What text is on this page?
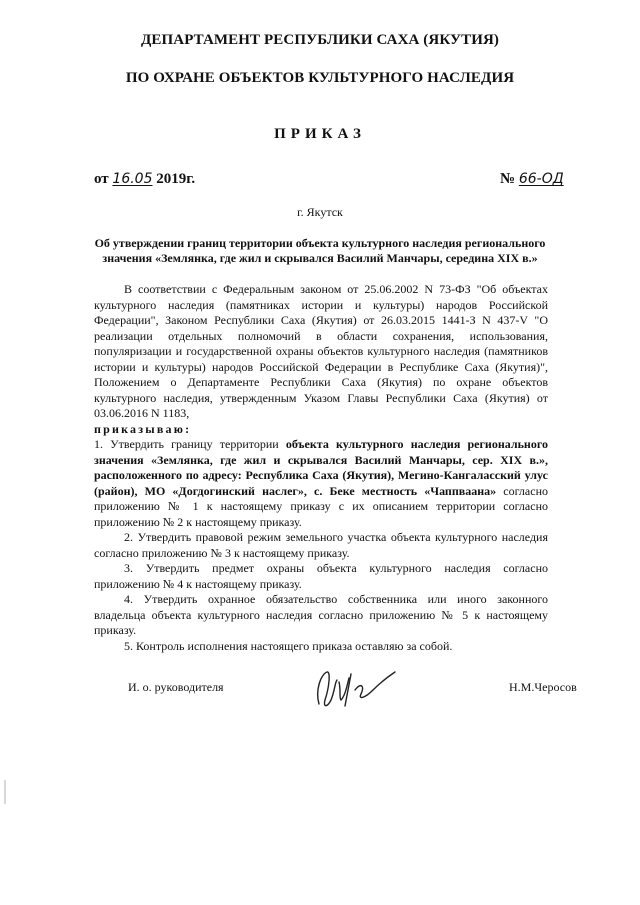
ДЕПАРТАМЕНТ РЕСПУБЛИКИ САХА (ЯКУТИЯ)
ПО ОХРАНЕ ОБЪЕКТОВ КУЛЬТУРНОГО НАСЛЕДИЯ
ПРИКАЗ
от 16.05 2019г.	№ 66-ОД
г. Якутск
Об утверждении границ территории объекта культурного наследия регионального значения «Землянка, где жил и скрывался Василий Манчары, середина XIX в.»

В соответствии с Федеральным законом от 25.06.2002 N 73-ФЗ "Об объектах культурного наследия (памятниках истории и культуры) народов Российской Федерации", Законом Республики Саха (Якутия) от 26.03.2015 1441-З N 437-V "О реализации отдельных полномочий в области сохранения, использования, популяризации и государственной охраны объектов культурного наследия (памятников истории и культуры) народов Российской Федерации в Республике Саха (Якутия)", Положением о Департаменте Республики Саха (Якутия) по охране объектов культурного наследия, утвержденным Указом Главы Республики Саха (Якутия) от 03.06.2016 N 1183,

приказываю:

1. Утвердить границу территории объекта культурного наследия регионального значения «Землянка, где жил и скрывался Василий Манчары, сер. XIX в.», расположенного по адресу: Республика Саха (Якутия), Мегино-Кангаласский улус (район), МО «Догдогинский наслег», с. Беке местность «Чаппваана» согласно приложению № 1 к настоящему приказу с их описанием территории согласно приложению № 2 к настоящему приказу.

2. Утвердить правовой режим земельного участка объекта культурного наследия согласно приложению № 3 к настоящему приказу.

3. Утвердить предмет охраны объекта культурного наследия согласно приложению № 4 к настоящему приказу.

4. Утвердить охранное обязательство собственника или иного законного владельца объекта культурного наследия согласно приложению № 5 к настоящему приказу.

5. Контроль исполнения настоящего приказа оставляю за собой.

И. о. руководителя	Н.М.Черосов
